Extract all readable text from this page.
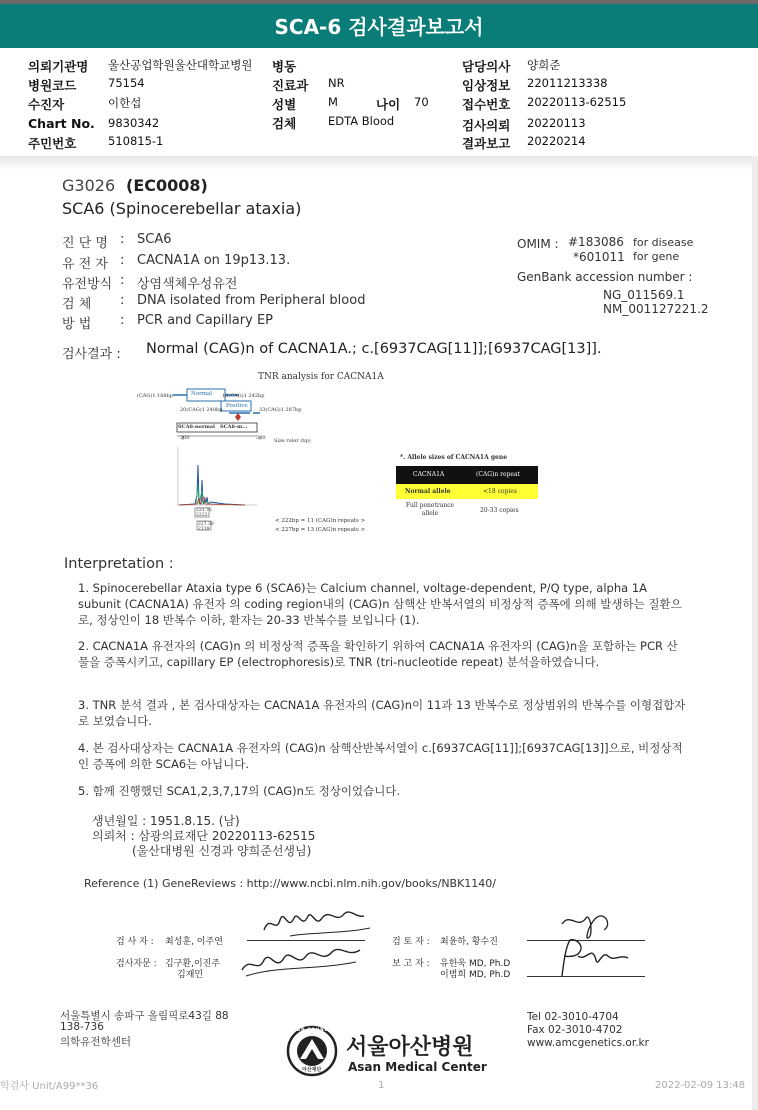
SCA-6 검사결과보고서
의뢰기관명 울산공업학원울산대학교병원
병원코드	75154
수진자	이한섭
Chart No. 9830342
주민번호	510815-1
병동
진료과 NR
성별	M	나이 70
검체	EDTA Blood
담당의사 양희준
임상정보 22011213338
접수번호 20220113-62515
검사의뢰 20220113
결과보고 20220214
G3026 (EC0008)
SCA6 (Spinocerebellar ataxia)
진 단 명 : SCA6
유 전 자 : CACNA1A on 19p13.13.
유전방식 : 상염색체우성유전
검 체 : DNA isolated from Peripheral blood
방 법 : PCR and Capillary EP
OMIM : #183086 for disease
*601011 for gene
GenBank accession number :
NG_011569.1
NM_001127221.2
검사결과 : Normal (CAG)n of CACNA1A.; c.[6937CAG[11]];[6937CAG[13]].
TNR analysis for CACNA1A
(CAG)1 188bp	Normal 18(CAG)1 242bp
20(CAG)1 248bp
Positive
33(CAG)1 287bp
SCA6-normal SCA6-m...
200	300 Size ruler (bp)
221.76
2222
227.30
2139
< 222bp = 11 (CAG)n repeats >
< 227bp = 13 (CAG)n repeats >
*. Allele sizes of CACNA1A gene
CACNA1A	(CAG)n repeat
Normal allele	<18 copies
Full penetrance allele	20-33 copies
Interpretation :
1. Spinocerebellar Ataxia type 6 (SCA6)는 Calcium channel, voltage-dependent, P/Q type, alpha 1A subunit (CACNA1A) 유전자 의 coding region내의 (CAG)n 삼핵산 반복서열의 비정상적 증폭에 의해 발생하는 질환으로, 정상인이 18 반복수 이하, 환자는 20-33 반복수를 보입니다 (1).
2. CACNA1A 유전자의 (CAG)n 의 비정상적 증폭을 확인하기 위하여 CACNA1A 유전자의 (CAG)n을 포함하는 PCR 산물을 증폭시키고, capillary EP (electrophoresis)로 TNR (tri-nucleotide repeat) 분석을하였습니다.
3. TNR 분석 결과 , 본 검사대상자는 CACNA1A 유전자의 (CAG)n이 11과 13 반복수로 정상범위의 반복수를 이형접합자로 보였습니다.
4. 본 검사대상자는 CACNA1A 유전자의 (CAG)n 삼핵산반복서열이 c.[6937CAG[11]];[6937CAG[13]]으로, 비정상적인 증폭에 의한 SCA6는 아닙니다.
5. 함께 진행했던 SCA1,2,3,7,17의 (CAG)n도 정상이었습니다.
생년월일 : 1951.8.15. (남)
의뢰처 : 삼광의료재단 20220113-62515
(울산대병원 신경과 양희준선생님)
Reference (1) GeneReviews : http://www.ncbi.nlm.nih.gov/books/NBK1140/
검 사 자 : 최성훈, 이주연	검 토 자 : 최윤하, 황수진
검사자문 : 김구환,이진주
김재민
보 고 자 : 유한욱 MD, Ph.D
이범희 MD, Ph.D
서울특별시 송파구 올림픽로43길 88
138-736
의학유전학센터
ASAN FOUNDATION
아산재단
서울아산병원
Asan Medical Center
Tel 02-3010-4704
Fax 02-3010-4702
www.amcgenetics.or.kr
학검사 Unit/A99**36	1	2022-02-09 13:48
